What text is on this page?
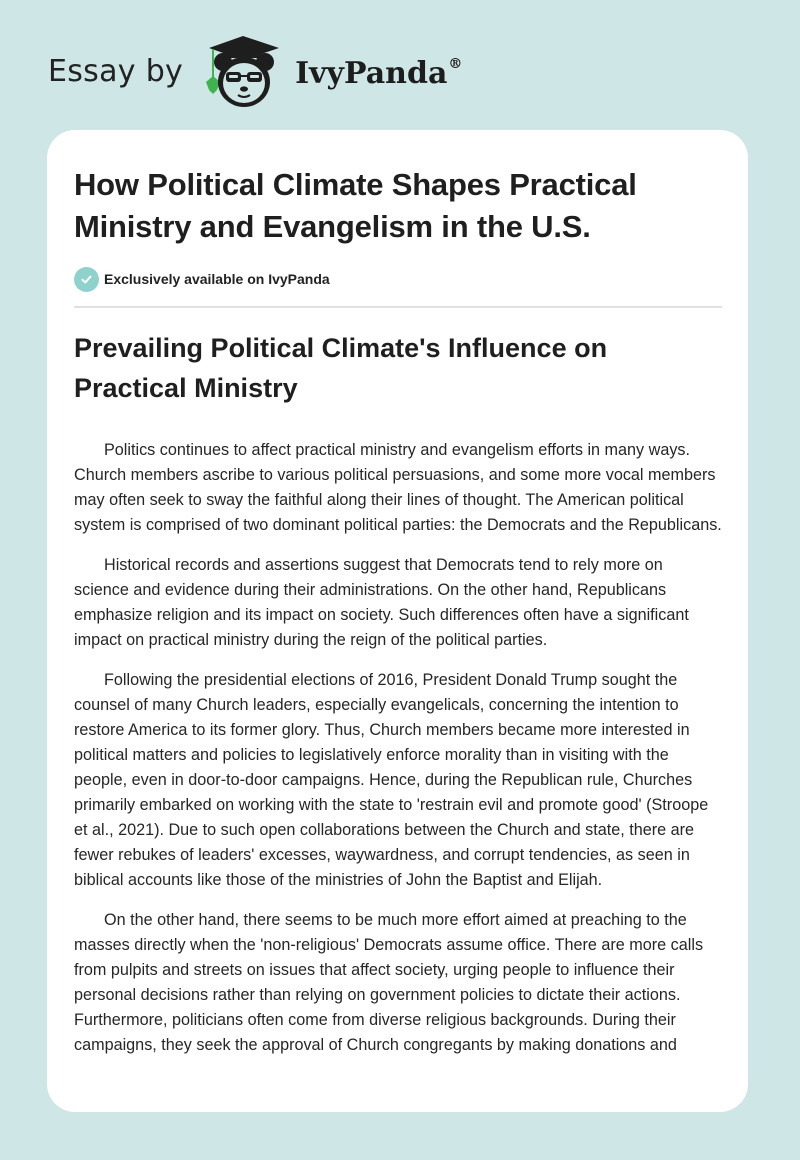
Essay by	IvyPanda®
How Political Climate Shapes Practical Ministry and Evangelism in the U.S.
Exclusively available on IvyPanda
Prevailing Political Climate's Influence on Practical Ministry

Politics continues to affect practical ministry and evangelism efforts in many ways. Church members ascribe to various political persuasions, and some more vocal members may often seek to sway the faithful along their lines of thought. The American political system is comprised of two dominant political parties: the Democrats and the Republicans.

Historical records and assertions suggest that Democrats tend to rely more on science and evidence during their administrations. On the other hand, Republicans emphasize religion and its impact on society. Such differences often have a significant impact on practical ministry during the reign of the political parties.

Following the presidential elections of 2016, President Donald Trump sought the counsel of many Church leaders, especially evangelicals, concerning the intention to restore America to its former glory. Thus, Church members became more interested in political matters and policies to legislatively enforce morality than in visiting with the people, even in door-to-door campaigns. Hence, during the Republican rule, Churches primarily embarked on working with the state to 'restrain evil and promote good' (Stroope et al., 2021). Due to such open collaborations between the Church and state, there are fewer rebukes of leaders' excesses, waywardness, and corrupt tendencies, as seen in biblical accounts like those of the ministries of John the Baptist and Elijah.

On the other hand, there seems to be much more effort aimed at preaching to the masses directly when the 'non-religious' Democrats assume office. There are more calls from pulpits and streets on issues that affect society, urging people to influence their personal decisions rather than relying on government policies to dictate their actions. Furthermore, politicians often come from diverse religious backgrounds. During their campaigns, they seek the approval of Church congregants by making donations and
